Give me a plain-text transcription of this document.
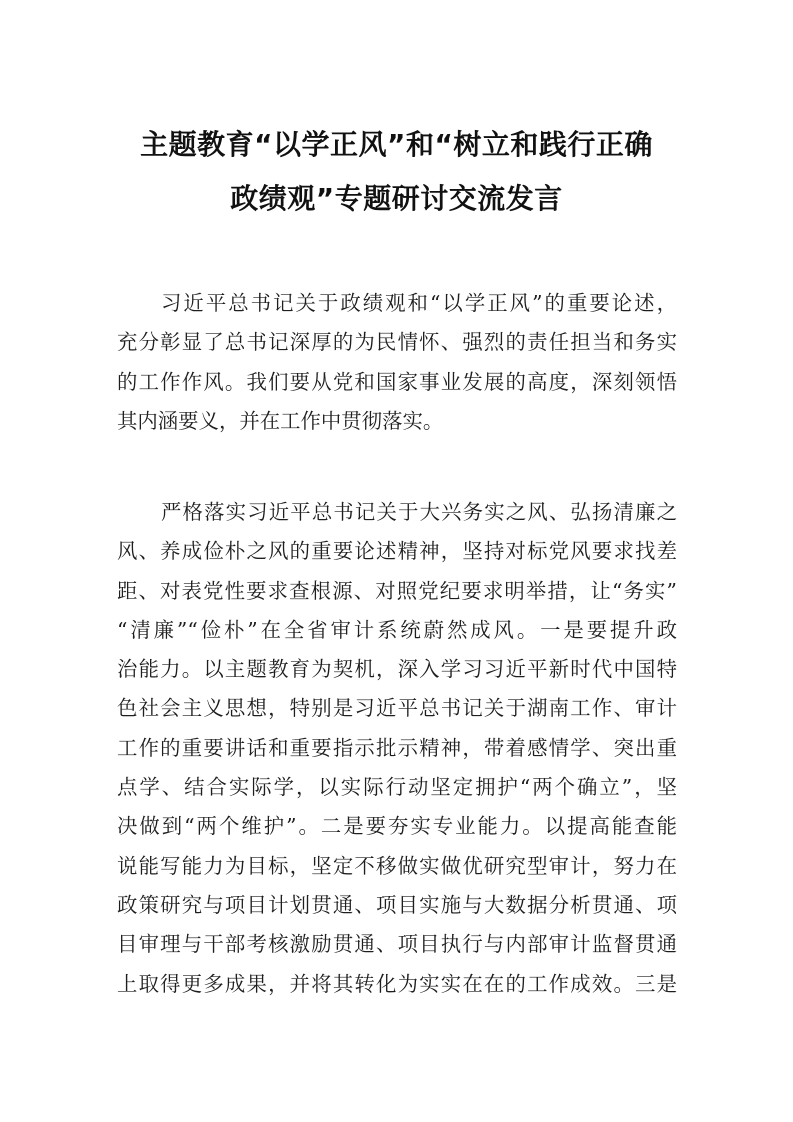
主题教育“以学正风”和“树立和践行正确
政绩观”专题研讨交流发言
习近平总书记关于政绩观和“以学正风”的重要论述，
充分彰显了总书记深厚的为民情怀、强烈的责任担当和务实
的工作作风。我们要从党和国家事业发展的高度，深刻领悟
其内涵要义，并在工作中贯彻落实。
严格落实习近平总书记关于大兴务实之风、弘扬清廉之
风、养成俭朴之风的重要论述精神，坚持对标党风要求找差
距、对表党性要求查根源、对照党纪要求明举措，让“务实”
“清廉”“俭朴”在全省审计系统蔚然成风。一是要提升政
治能力。以主题教育为契机，深入学习习近平新时代中国特
色社会主义思想，特别是习近平总书记关于湖南工作、审计
工作的重要讲话和重要指示批示精神，带着感情学、突出重
点学、结合实际学，以实际行动坚定拥护“两个确立”，坚
决做到“两个维护”。二是要夯实专业能力。以提高能查能
说能写能力为目标，坚定不移做实做优研究型审计，努力在
政策研究与项目计划贯通、项目实施与大数据分析贯通、项
目审理与干部考核激励贯通、项目执行与内部审计监督贯通
上取得更多成果，并将其转化为实实在在的工作成效。三是
